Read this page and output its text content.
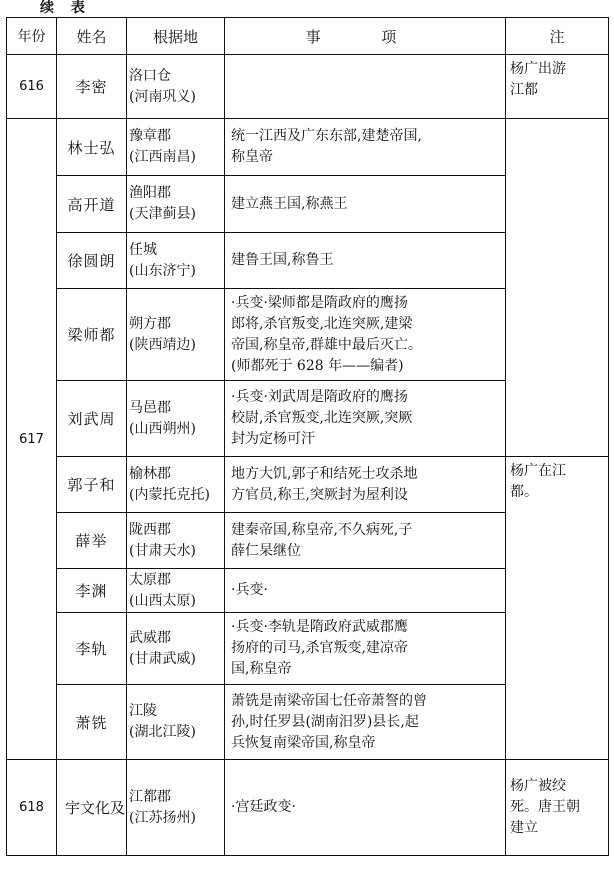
续 表
年份	姓名	根据地	事 项	注
616	李密	洛口仓
(河南巩义)		杨广出游
江都

617	林士弘	豫章郡
(江西南昌)	统一江西及广东东部,建楚帝国,
称皇帝	

	高开道	渔阳郡
(天津蓟县)	建立燕王国,称燕王	

	徐圆朗	任城
(山东济宁)	建鲁王国,称鲁王	

	梁师都	朔方郡
(陕西靖边)	·兵变·梁师都是隋政府的鹰扬
郎将,杀官叛变,北连突厥,建梁
帝国,称皇帝,群雄中最后灭亡。
(师都死于 628 年——编者)	

	刘武周	马邑郡
(山西朔州)	·兵变·刘武周是隋政府的鹰扬
校尉,杀官叛变,北连突厥,突厥
封为定杨可汗	

	郭子和	榆林郡
(内蒙托克托)	地方大饥,郭子和结死士攻杀地
方官员,称王,突厥封为屋利设	杨广在江
都。

	薛举	陇西郡
(甘肃天水)	建秦帝国,称皇帝,不久病死,子
薛仁杲继位	

	李渊	太原郡
(山西太原)	·兵变·	

	李轨	武威郡
(甘肃武威)	·兵变·李轨是隋政府武威郡鹰
扬府的司马,杀官叛变,建凉帝
国,称皇帝	

	萧铣	江陵
(湖北江陵)	萧铣是南梁帝国七任帝萧詧的曾
孙,时任罗县(湖南汨罗)县长,起
兵恢复南梁帝国,称皇帝	

618	宇文化及	江都郡
(江苏扬州)	·宫廷政变·	杨广被绞
死。唐王朝
建立
